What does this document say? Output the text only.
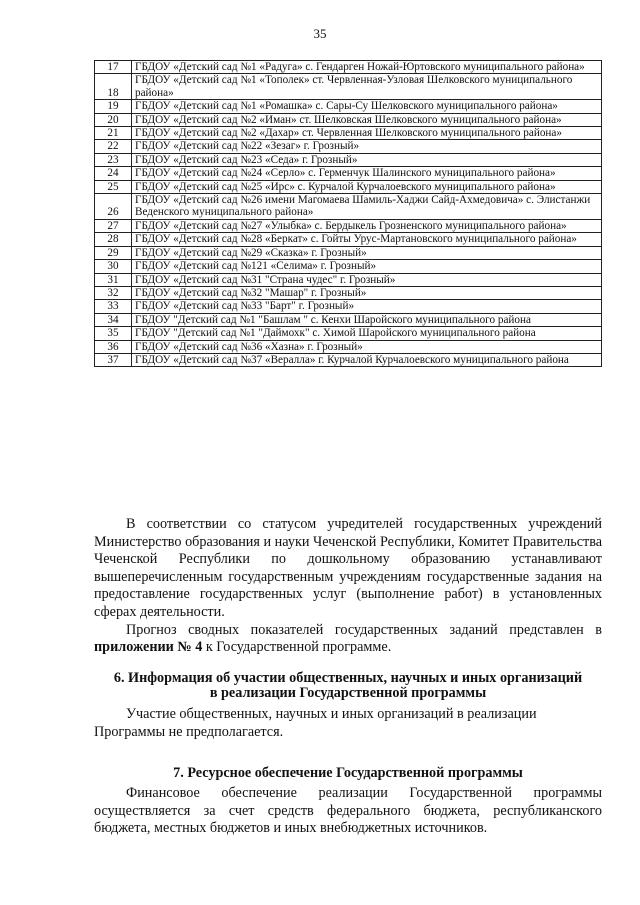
35
17	ГБДОУ «Детский сад №1 «Радуга» с. Гендарген Ножай-Юртовского муниципального района»
18	ГБДОУ «Детский сад №1 «Тополек» ст. Червленная-Узловая Шелковского муниципального района»
19	ГБДОУ «Детский сад №1 «Ромашка» с. Сары-Су Шелковского муниципального района»
20	ГБДОУ «Детский сад №2 «Иман» ст. Шелковская Шелковского муниципального района»
21	ГБДОУ «Детский сад №2 «Дахар» ст. Червленная Шелковского муниципального района»
22	ГБДОУ «Детский сад №22 «Зезаг» г. Грозный»
23	ГБДОУ «Детский сад №23 «Седа» г. Грозный»
24	ГБДОУ «Детский сад №24 «Серло» с. Герменчук Шалинского муниципального района»
25	ГБДОУ «Детский сад №25 «Ирс» с. Курчалой Курчалоевского муниципального района»
26	ГБДОУ «Детский сад №26 имени Магомаева Шамиль-Хаджи Сайд-Ахмедовича» с. Элистанжи Веденского муниципального района»
27	ГБДОУ «Детский сад №27 «Улыбка» с. Бердыкель Грозненского муниципального района»
28	ГБДОУ «Детский сад №28 «Беркат» с. Гойты Урус-Мартановского муниципального района»
29	ГБДОУ «Детский сад №29 «Сказка» г. Грозный»
30	ГБДОУ «Детский сад №121 «Селима» г. Грозный»
31	ГБДОУ «Детский сад №31 "Страна чудес" г. Грозный»
32	ГБДОУ «Детский сад №32 "Машар" г. Грозный»
33	ГБДОУ «Детский сад №33 "Барт" г. Грозный»
34	ГБДОУ "Детский сад №1 "Башлам " с. Кенхи Шаройского муниципального района
35	ГБДОУ "Детский сад №1 "Даймохк" с. Химой Шаройского муниципального района
36	ГБДОУ «Детский сад №36 «Хазна» г. Грозный»
37	ГБДОУ «Детский сад №37 «Beралла» г. Курчалой Курчалоевского муниципального района

В соответствии со статусом учредителей государственных учреждений Министерство образования и науки Чеченской Республики, Комитет Правительства Чеченской Республики по дошкольному образованию устанавливают вышеперечисленным государственным учреждениям государственные задания на предоставление государственных услуг (выполнение работ) в установленных сферах деятельности.

Прогноз сводных показателей государственных заданий представлен в приложении № 4 к Государственной программе.

6. Информация об участии общественных, научных и иных организаций
в реализации Государственной программы

Участие общественных, научных и иных организаций в реализации Программы не предполагается.

7. Ресурсное обеспечение Государственной программы

Финансовое обеспечение реализации Государственной программы осуществляется за счет средств федерального бюджета, республиканского бюджета, местных бюджетов и иных внебюджетных источников.
